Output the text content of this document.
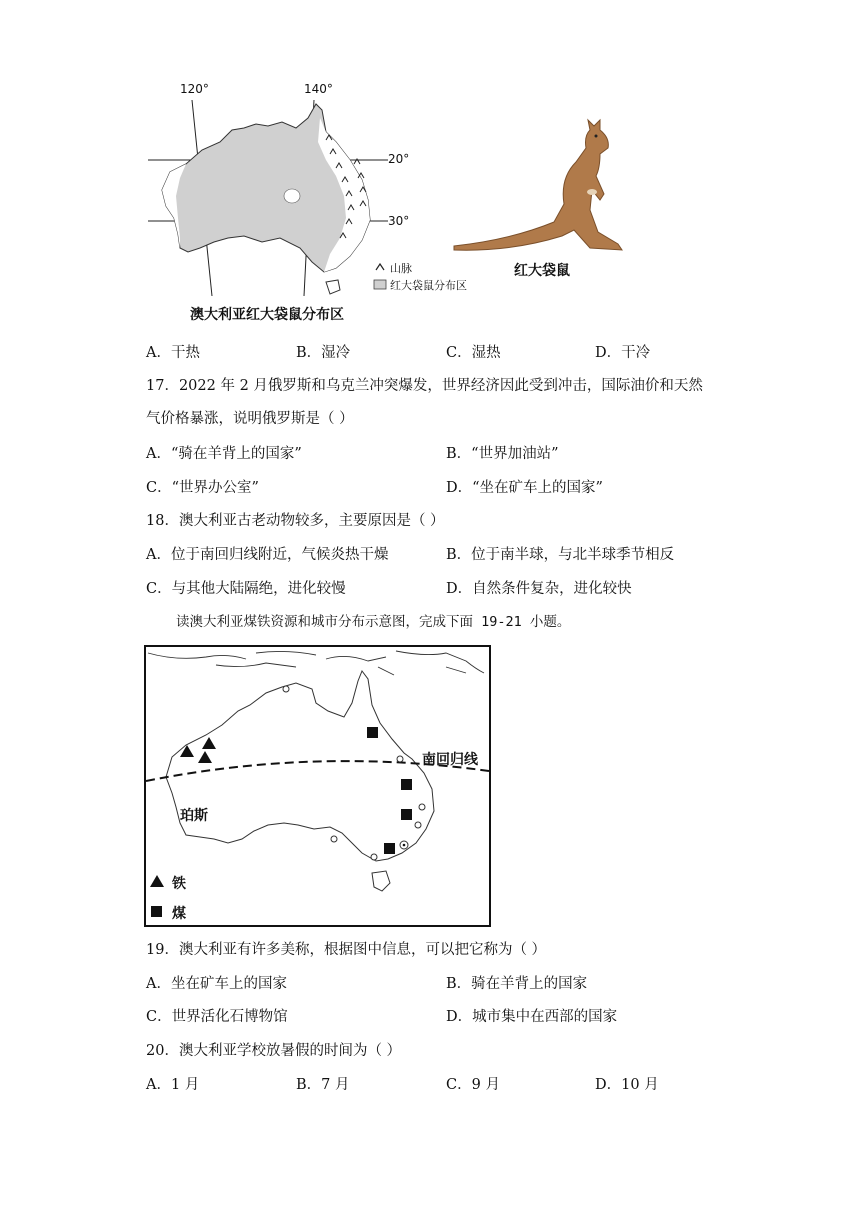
120°	140°
20°
30°
山脉
红大袋鼠分布区
澳大利亚红大袋鼠分布区
红大袋鼠
A．干热	B．湿冷	C．湿热	D．干冷
17．2022 年 2 月俄罗斯和乌克兰冲突爆发，世界经济因此受到冲击，国际油价和天然
气价格暴涨，说明俄罗斯是（ ）
A．“骑在羊背上的国家”	B．“世界加油站”
C．“世界办公室”	D．“坐在矿车上的国家”
18．澳大利亚古老动物较多，主要原因是（ ）
A．位于南回归线附近，气候炎热干燥	B．位于南半球，与北半球季节相反
C．与其他大陆隔绝，进化较慢	D．自然条件复杂，进化较快
读澳大利亚煤铁资源和城市分布示意图，完成下面 19-21 小题。
南回归线
珀斯
铁
煤
19．澳大利亚有许多美称，根据图中信息，可以把它称为（ ）
A．坐在矿车上的国家	B．骑在羊背上的国家
C．世界活化石博物馆	D．城市集中在西部的国家
20．澳大利亚学校放暑假的时间为（ ）
A．1 月	B．7 月	C．9 月	D．10 月
